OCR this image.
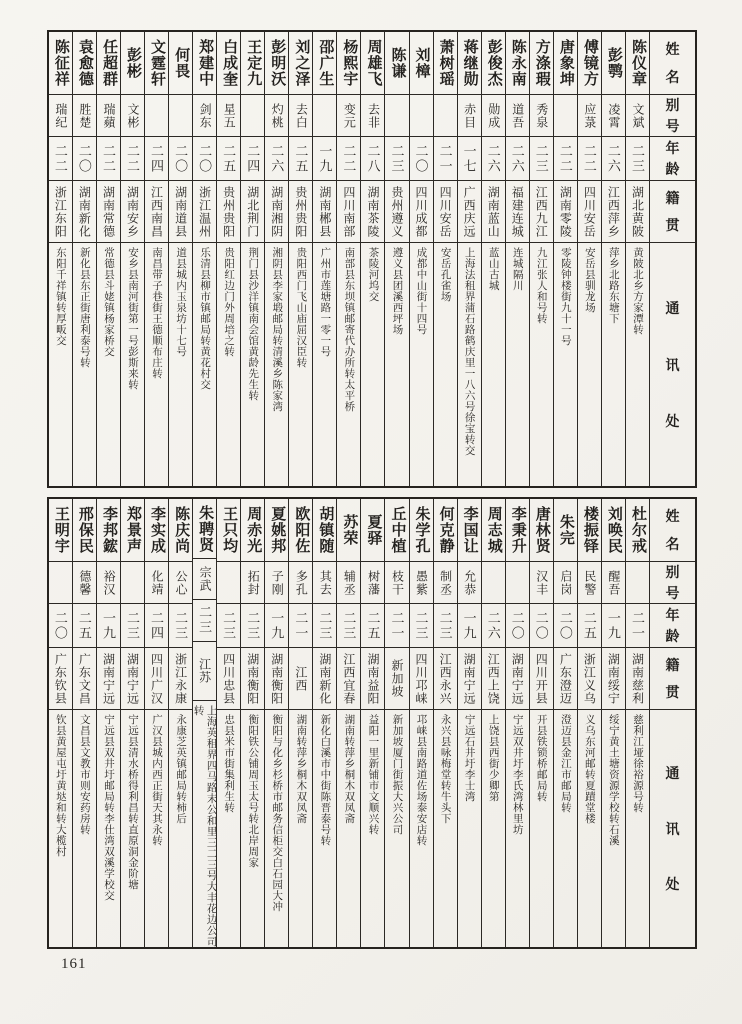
姓
名
别
号
年
龄
籍
贯
通
讯
处
陈仪章
文斌
二三
湖北黄陂
黄陂北乡方家潭转
彭鹗
凌霄
二六
江西萍乡
萍乡北路东塘下
傅镜方
应菉
二二
四川安岳
安岳县驯龙场
唐象坤
二二
湖南零陵
零陵钟楼街九十一号
方涤瑕
秀泉
二三
江西九江
九江张人和号转
陈永南
道吾
二六
福建连城
连城隔川
彭俊杰
勋成
二六
湖南蓝山
蓝山古城
蒋继勋
赤目
一七
广西庆远
上海法租界蒲石路鹤庆里一八六号徐宝转交
萧树瑶
二一
四川安岳
安岳孔雀场
刘樟
二〇
四川成都
成都中山街十四号
陈谦
二三
贵州遵义
遵义县团溪西坪场
周雄飞
去非
二八
湖南茶陵
茶陵河坞交
杨熙宇
变元
二二
四川南部
南部县东坝镇邮寄代办所转太平桥
邵广生
一九
湖南郴县
广州市莲塘路一零一号
刘之泽
去白
二五
贵州贵阳
贵阳西门飞山庙屈汉臣转
彭明沃
灼桃
二六
湖南湘阴
湘阴县李家塅邮局转清溪乡陈家湾
王定九
二四
湖北荆门
荆门县沙洋镇南会馆黄龄先生转
白成奎
星五
二五
贵州贵阳
贵阳红边门外周培之转
郑建中
剑东
二〇
浙江温州
乐清县柳市镇邮局转黄花村交
何畏
二〇
湖南道县
道县城内玉泉坊十七号
文霆轩
二四
江西南昌
南昌带子巷街王德顺布庄转
彭彬
文彬
二二
湖南安乡
安乡县南河街第一号彭斯来转
任超群
瑞蘋
二二
湖南常德
常德县斗姥镇杨家桥交
袁愈德
胜楚
二〇
湖南新化
新化县东正街唐利泰号转
陈征祥
瑞纪
二二
浙江东阳
东阳千祥镇转厚畈交
姓
名
别
号
年
龄
籍
贯
通
讯
处
杜尔戒
二一
湖南慈利
慈利江垭徐裕源号转
刘唤民
醒吾
一九
湖南绥宁
绥宁黄土塘资源学校转石溪
楼振铎
民警
二五
浙江义乌
义乌东河邮转夏蹟堂楼
朱完
启岗
二〇
广东澄迈
澄迈县金江市邮局转
唐林贤
汉丰
二〇
四川开县
开县铁锁桥邮局转
李秉升
二〇
湖南宁远
宁远双井圩李氏湾林里坊
周志城
二六
江西上饶
上饶县西街少卿第
李国让
允恭
一九
湖南宁远
宁远石井圩李士湾
何克静
制丞
二三
江西永兴
永兴县咏梅堂转牛头下
朱学孔
愚紫
二三
四川邛崃
邛崃县南路道佐场泰安店转
丘中植
枝干
二一
新加坡
新加坡厦门街振大兴公司
夏驿
树藩
二五
湖南益阳
益阳一里新铺市文顺兴转
苏荣
辅丞
二三
江西宜春
湖南转萍乡桐木双凤斋
胡镇随
其去
二三
湖南新化
新化白溪市中街陈晋泰号转
欧阳佐
多孔
二一
江西
湖南转萍乡桐木双凤斋
夏姚邦
子刚
一九
湖南衡阳
衡阳与化乡杉桥市邮务信柜交白石园大冲
周赤光
拓封
二三
湖南衡阳
衡阳铁公铺周玉太号转北岸周家
王只均
二三
四川忠县
忠县米市街集利生转
朱聘贤
宗武
二三
江苏
上海英租界四马路末公和里三二三号大丰花边公司转
陈庆尚
公心
二三
浙江永康
永康芝英镇邮局转柿后
李实成
化靖
二四
四川广汉
广汉县城内西正街天其永转
郑景声
二三
湖南宁远
宁远县清水桥得利昌转直原洞金阶塘
李邦鋐
裕汉
一九
湖南宁远
宁远县双井圩邮局转李仕湾双溪学校交
邢保民
德馨
二五
广东文昌
文昌县文教市则安药房转
王明宇
二〇
广东钦县
钦县黄屋屯圩黄垯和转大榄村
161
